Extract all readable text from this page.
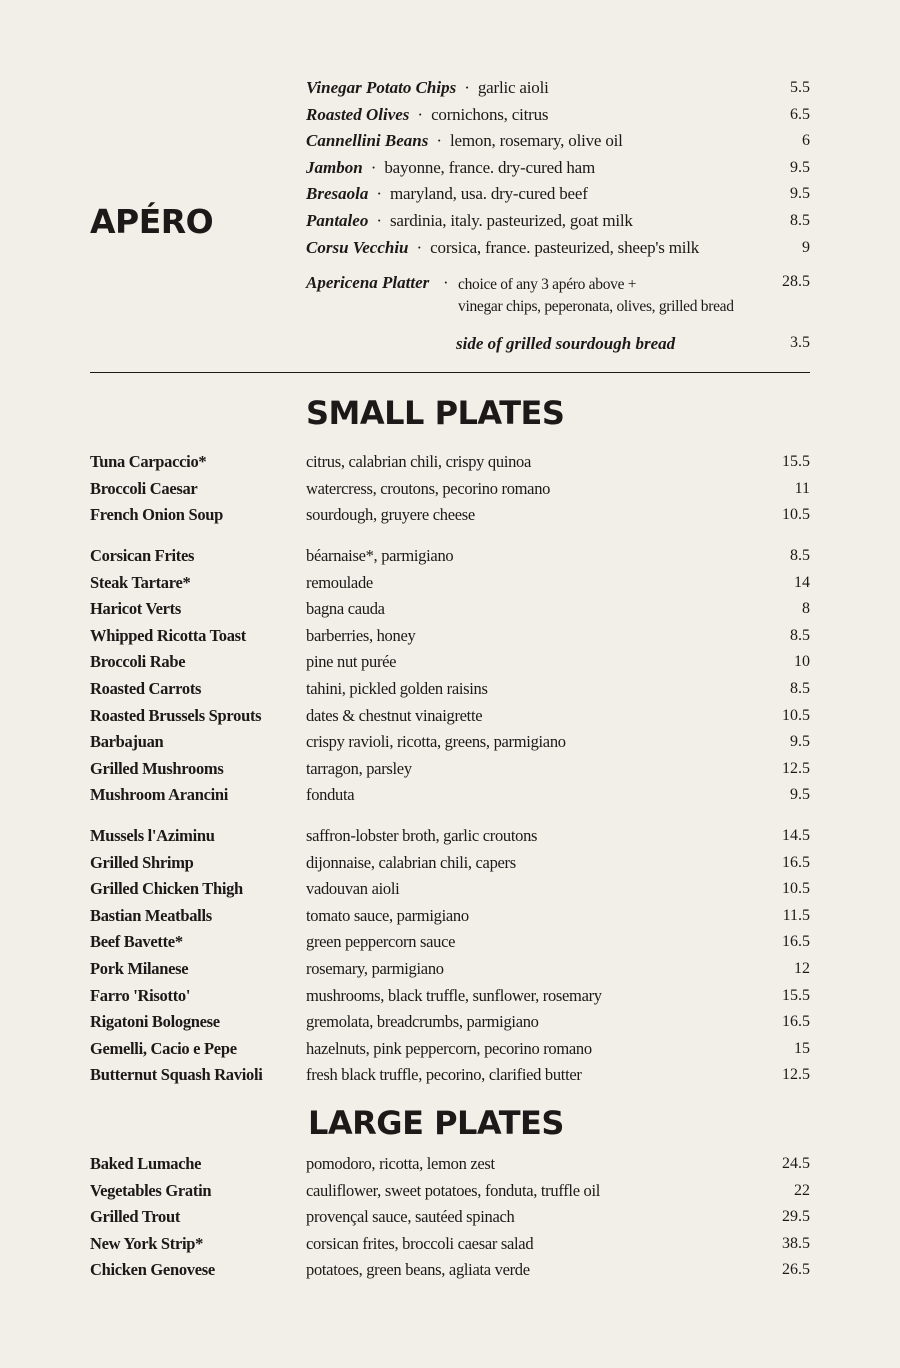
APÉRO
Vinegar Potato Chips · garlic aioli	5.5
Roasted Olives · cornichons, citrus	6.5
Cannellini Beans · lemon, rosemary, olive oil	6
Jambon · bayonne, france. dry-cured ham	9.5
Bresaola · maryland, usa. dry-cured beef	9.5
Pantaleo · sardinia, italy. pasteurized, goat milk	8.5
Corsu Vecchiu · corsica, france. pasteurized, sheep's milk	9
Apericena Platter · choice of any 3 apéro above +
vinegar chips, peperonata, olives, grilled bread
28.5
side of grilled sourdough bread	3.5
SMALL PLATES
Tuna Carpaccio*	citrus, calabrian chili, crispy quinoa	15.5
Broccoli Caesar	watercress, croutons, pecorino romano	11
French Onion Soup	sourdough, gruyere cheese	10.5
Corsican Frites	béarnaise*, parmigiano	8.5
Steak Tartare*	remoulade	14
Haricot Verts	bagna cauda	8
Whipped Ricotta Toast	barberries, honey	8.5
Broccoli Rabe	pine nut purée	10
Roasted Carrots	tahini, pickled golden raisins	8.5
Roasted Brussels Sprouts	dates & chestnut vinaigrette	10.5
Barbajuan	crispy ravioli, ricotta, greens, parmigiano	9.5
Grilled Mushrooms	tarragon, parsley	12.5
Mushroom Arancini	fonduta	9.5
Mussels l'Aziminu	saffron-lobster broth, garlic croutons	14.5
Grilled Shrimp	dijonnaise, calabrian chili, capers	16.5
Grilled Chicken Thigh	vadouvan aioli	10.5
Bastian Meatballs	tomato sauce, parmigiano	11.5
Beef Bavette*	green peppercorn sauce	16.5
Pork Milanese	rosemary, parmigiano	12
Farro 'Risotto'	mushrooms, black truffle, sunflower, rosemary	15.5
Rigatoni Bolognese	gremolata, breadcrumbs, parmigiano	16.5
Gemelli, Cacio e Pepe	hazelnuts, pink peppercorn, pecorino romano	15
Butternut Squash Ravioli	fresh black truffle, pecorino, clarified butter	12.5
LARGE PLATES
Baked Lumache	pomodoro, ricotta, lemon zest	24.5
Vegetables Gratin	cauliflower, sweet potatoes, fonduta, truffle oil	22
Grilled Trout	provençal sauce, sautéed spinach	29.5
New York Strip*	corsican frites, broccoli caesar salad	38.5
Chicken Genovese	potatoes, green beans, agliata verde	26.5
